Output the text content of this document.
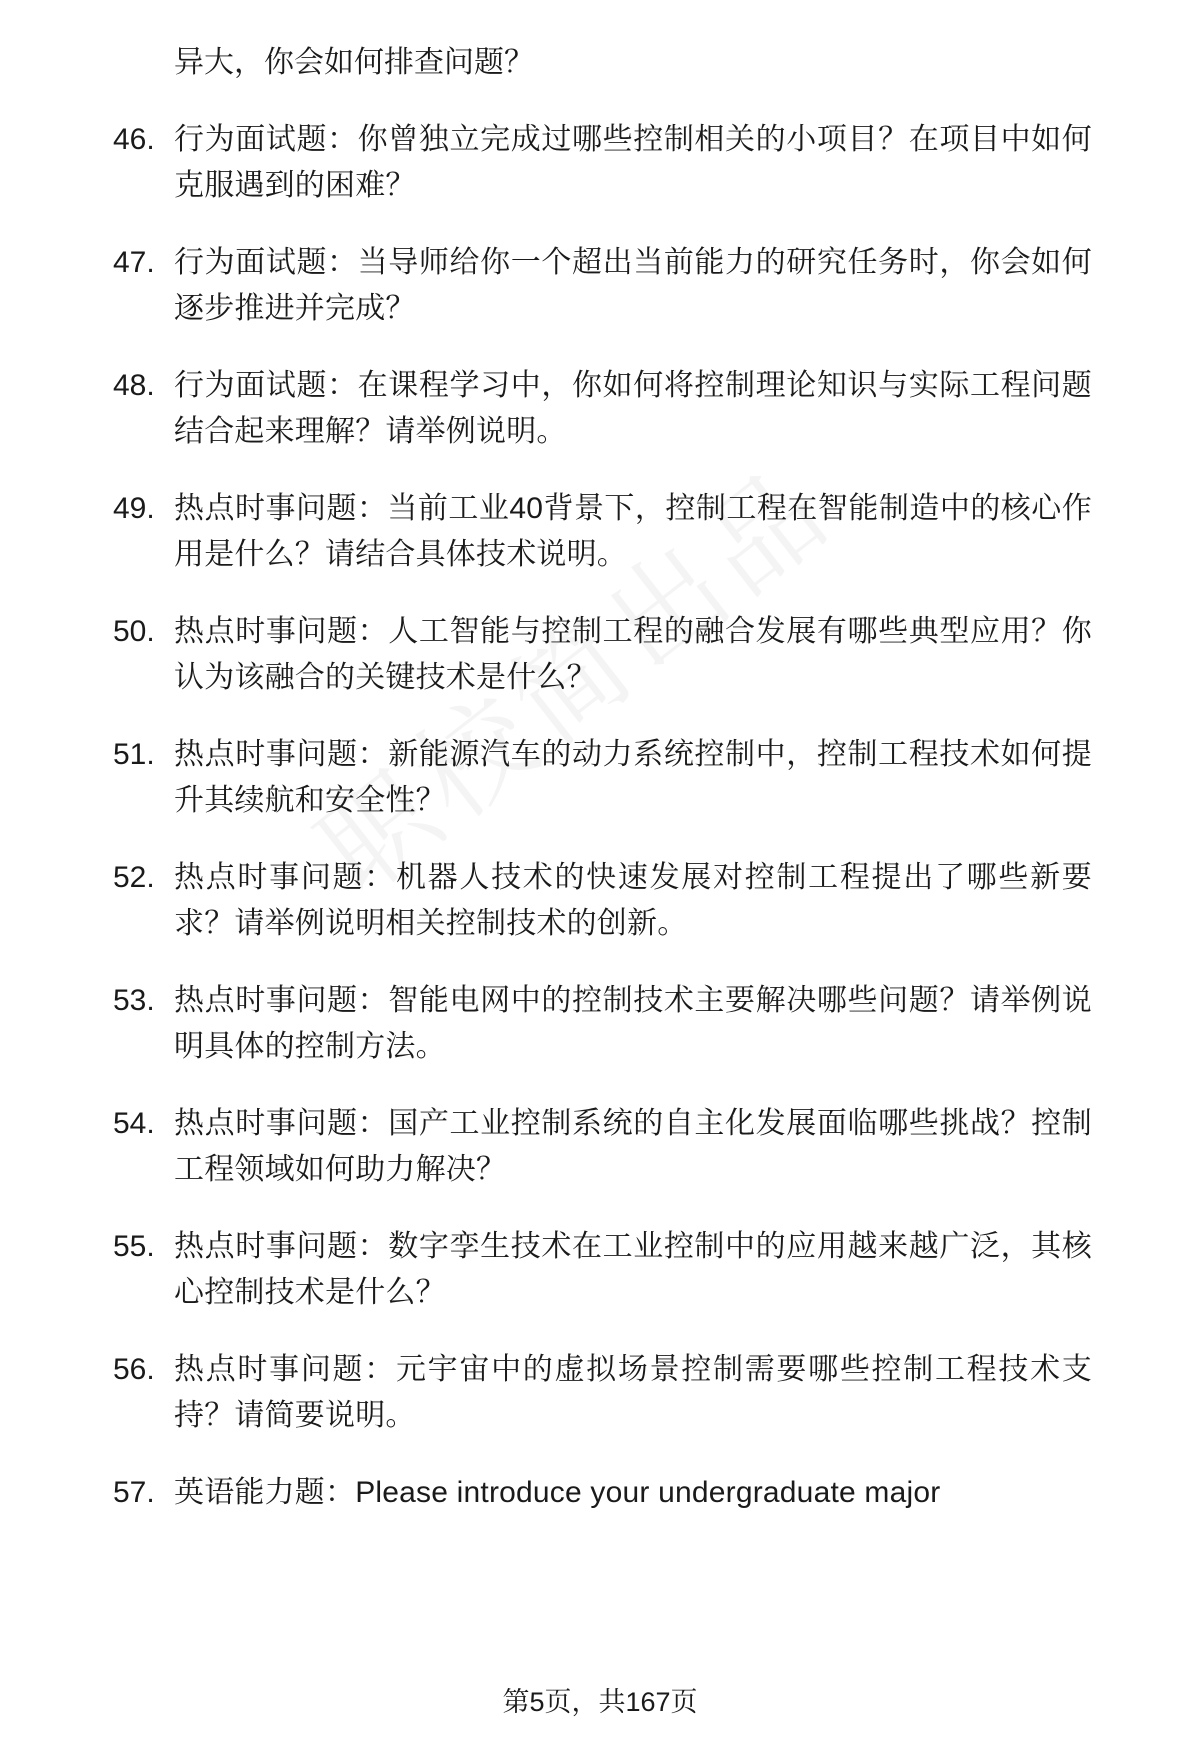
异大，你会如何排查问题？

46. 行为面试题：你曾独立完成过哪些控制相关的小项目？在项目中如何克服遇到的困难？
47. 行为面试题：当导师给你一个超出当前能力的研究任务时，你会如何逐步推进并完成？
48. 行为面试题：在课程学习中，你如何将控制理论知识与实际工程问题结合起来理解？请举例说明。
49. 热点时事问题：当前工业40背景下，控制工程在智能制造中的核心作用是什么？请结合具体技术说明。
50. 热点时事问题：人工智能与控制工程的融合发展有哪些典型应用？你认为该融合的关键技术是什么？
51. 热点时事问题：新能源汽车的动力系统控制中，控制工程技术如何提升其续航和安全性？
52. 热点时事问题：机器人技术的快速发展对控制工程提出了哪些新要求？请举例说明相关控制技术的创新。
53. 热点时事问题：智能电网中的控制技术主要解决哪些问题？请举例说明具体的控制方法。
54. 热点时事问题：国产工业控制系统的自主化发展面临哪些挑战？控制工程领域如何助力解决？
55. 热点时事问题：数字孪生技术在工业控制中的应用越来越广泛，其核心控制技术是什么？
56. 热点时事问题：元宇宙中的虚拟场景控制需要哪些控制工程技术支持？请简要说明。
57. 英语能力题：Please introduce your undergraduate major
第5页，共167页
